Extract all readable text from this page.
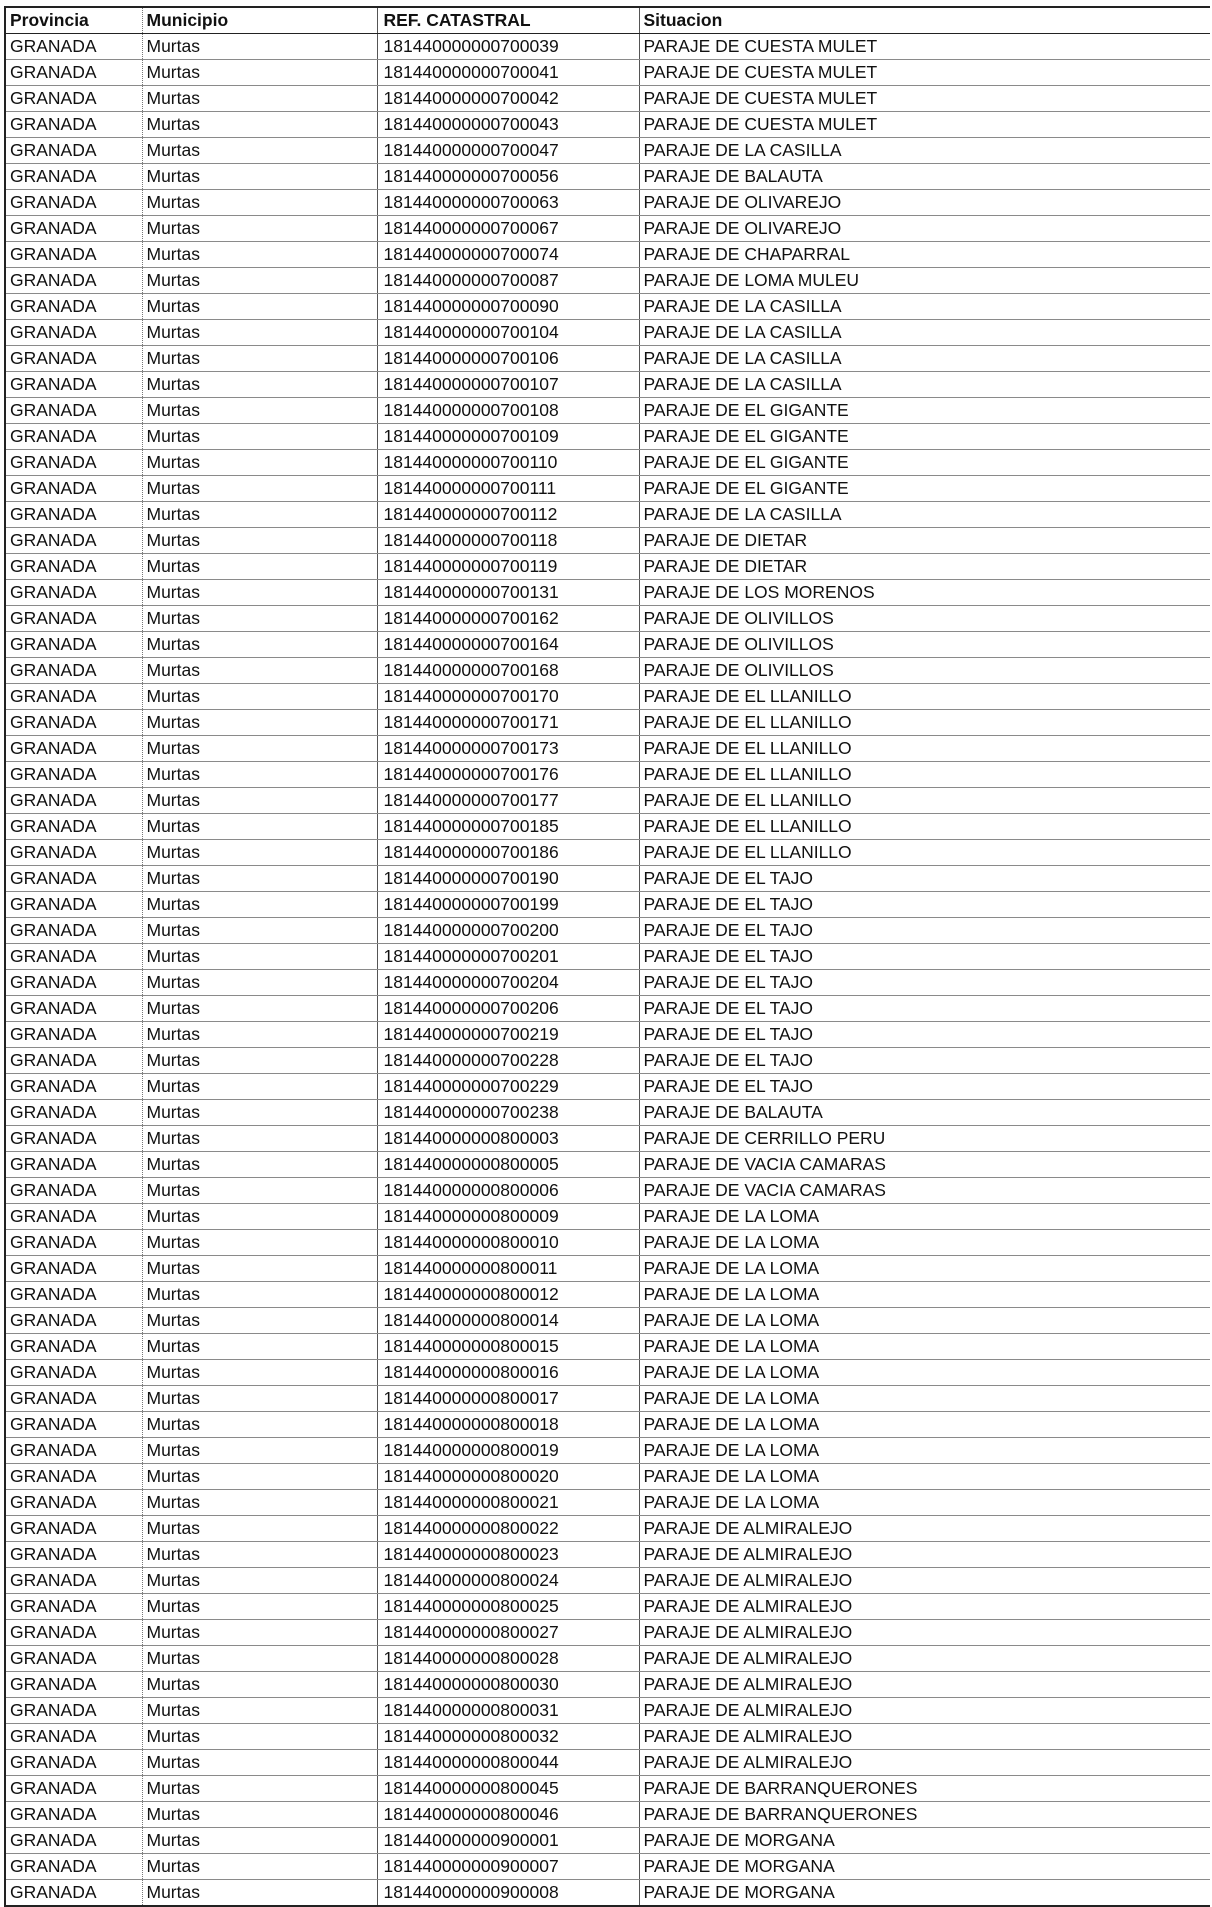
Provincia	Municipio	REF. CATASTRAL	Situacion
GRANADA	Murtas	181440000000700039	PARAJE DE CUESTA MULET
GRANADA	Murtas	181440000000700041	PARAJE DE CUESTA MULET
GRANADA	Murtas	181440000000700042	PARAJE DE CUESTA MULET
GRANADA	Murtas	181440000000700043	PARAJE DE CUESTA MULET
GRANADA	Murtas	181440000000700047	PARAJE DE LA CASILLA
GRANADA	Murtas	181440000000700056	PARAJE DE BALAUTA
GRANADA	Murtas	181440000000700063	PARAJE DE OLIVAREJO
GRANADA	Murtas	181440000000700067	PARAJE DE OLIVAREJO
GRANADA	Murtas	181440000000700074	PARAJE DE CHAPARRAL
GRANADA	Murtas	181440000000700087	PARAJE DE LOMA MULEU
GRANADA	Murtas	181440000000700090	PARAJE DE LA CASILLA
GRANADA	Murtas	181440000000700104	PARAJE DE LA CASILLA
GRANADA	Murtas	181440000000700106	PARAJE DE LA CASILLA
GRANADA	Murtas	181440000000700107	PARAJE DE LA CASILLA
GRANADA	Murtas	181440000000700108	PARAJE DE EL GIGANTE
GRANADA	Murtas	181440000000700109	PARAJE DE EL GIGANTE
GRANADA	Murtas	181440000000700110	PARAJE DE EL GIGANTE
GRANADA	Murtas	181440000000700111	PARAJE DE EL GIGANTE
GRANADA	Murtas	181440000000700112	PARAJE DE LA CASILLA
GRANADA	Murtas	181440000000700118	PARAJE DE DIETAR
GRANADA	Murtas	181440000000700119	PARAJE DE DIETAR
GRANADA	Murtas	181440000000700131	PARAJE DE LOS MORENOS
GRANADA	Murtas	181440000000700162	PARAJE DE OLIVILLOS
GRANADA	Murtas	181440000000700164	PARAJE DE OLIVILLOS
GRANADA	Murtas	181440000000700168	PARAJE DE OLIVILLOS
GRANADA	Murtas	181440000000700170	PARAJE DE EL LLANILLO
GRANADA	Murtas	181440000000700171	PARAJE DE EL LLANILLO
GRANADA	Murtas	181440000000700173	PARAJE DE EL LLANILLO
GRANADA	Murtas	181440000000700176	PARAJE DE EL LLANILLO
GRANADA	Murtas	181440000000700177	PARAJE DE EL LLANILLO
GRANADA	Murtas	181440000000700185	PARAJE DE EL LLANILLO
GRANADA	Murtas	181440000000700186	PARAJE DE EL LLANILLO
GRANADA	Murtas	181440000000700190	PARAJE DE EL TAJO
GRANADA	Murtas	181440000000700199	PARAJE DE EL TAJO
GRANADA	Murtas	181440000000700200	PARAJE DE EL TAJO
GRANADA	Murtas	181440000000700201	PARAJE DE EL TAJO
GRANADA	Murtas	181440000000700204	PARAJE DE EL TAJO
GRANADA	Murtas	181440000000700206	PARAJE DE EL TAJO
GRANADA	Murtas	181440000000700219	PARAJE DE EL TAJO
GRANADA	Murtas	181440000000700228	PARAJE DE EL TAJO
GRANADA	Murtas	181440000000700229	PARAJE DE EL TAJO
GRANADA	Murtas	181440000000700238	PARAJE DE BALAUTA
GRANADA	Murtas	181440000000800003	PARAJE DE CERRILLO PERU
GRANADA	Murtas	181440000000800005	PARAJE DE VACIA CAMARAS
GRANADA	Murtas	181440000000800006	PARAJE DE VACIA CAMARAS
GRANADA	Murtas	181440000000800009	PARAJE DE LA LOMA
GRANADA	Murtas	181440000000800010	PARAJE DE LA LOMA
GRANADA	Murtas	181440000000800011	PARAJE DE LA LOMA
GRANADA	Murtas	181440000000800012	PARAJE DE LA LOMA
GRANADA	Murtas	181440000000800014	PARAJE DE LA LOMA
GRANADA	Murtas	181440000000800015	PARAJE DE LA LOMA
GRANADA	Murtas	181440000000800016	PARAJE DE LA LOMA
GRANADA	Murtas	181440000000800017	PARAJE DE LA LOMA
GRANADA	Murtas	181440000000800018	PARAJE DE LA LOMA
GRANADA	Murtas	181440000000800019	PARAJE DE LA LOMA
GRANADA	Murtas	181440000000800020	PARAJE DE LA LOMA
GRANADA	Murtas	181440000000800021	PARAJE DE LA LOMA
GRANADA	Murtas	181440000000800022	PARAJE DE ALMIRALEJO
GRANADA	Murtas	181440000000800023	PARAJE DE ALMIRALEJO
GRANADA	Murtas	181440000000800024	PARAJE DE ALMIRALEJO
GRANADA	Murtas	181440000000800025	PARAJE DE ALMIRALEJO
GRANADA	Murtas	181440000000800027	PARAJE DE ALMIRALEJO
GRANADA	Murtas	181440000000800028	PARAJE DE ALMIRALEJO
GRANADA	Murtas	181440000000800030	PARAJE DE ALMIRALEJO
GRANADA	Murtas	181440000000800031	PARAJE DE ALMIRALEJO
GRANADA	Murtas	181440000000800032	PARAJE DE ALMIRALEJO
GRANADA	Murtas	181440000000800044	PARAJE DE ALMIRALEJO
GRANADA	Murtas	181440000000800045	PARAJE DE BARRANQUERONES
GRANADA	Murtas	181440000000800046	PARAJE DE BARRANQUERONES
GRANADA	Murtas	181440000000900001	PARAJE DE MORGANA
GRANADA	Murtas	181440000000900007	PARAJE DE MORGANA
GRANADA	Murtas	181440000000900008	PARAJE DE MORGANA
